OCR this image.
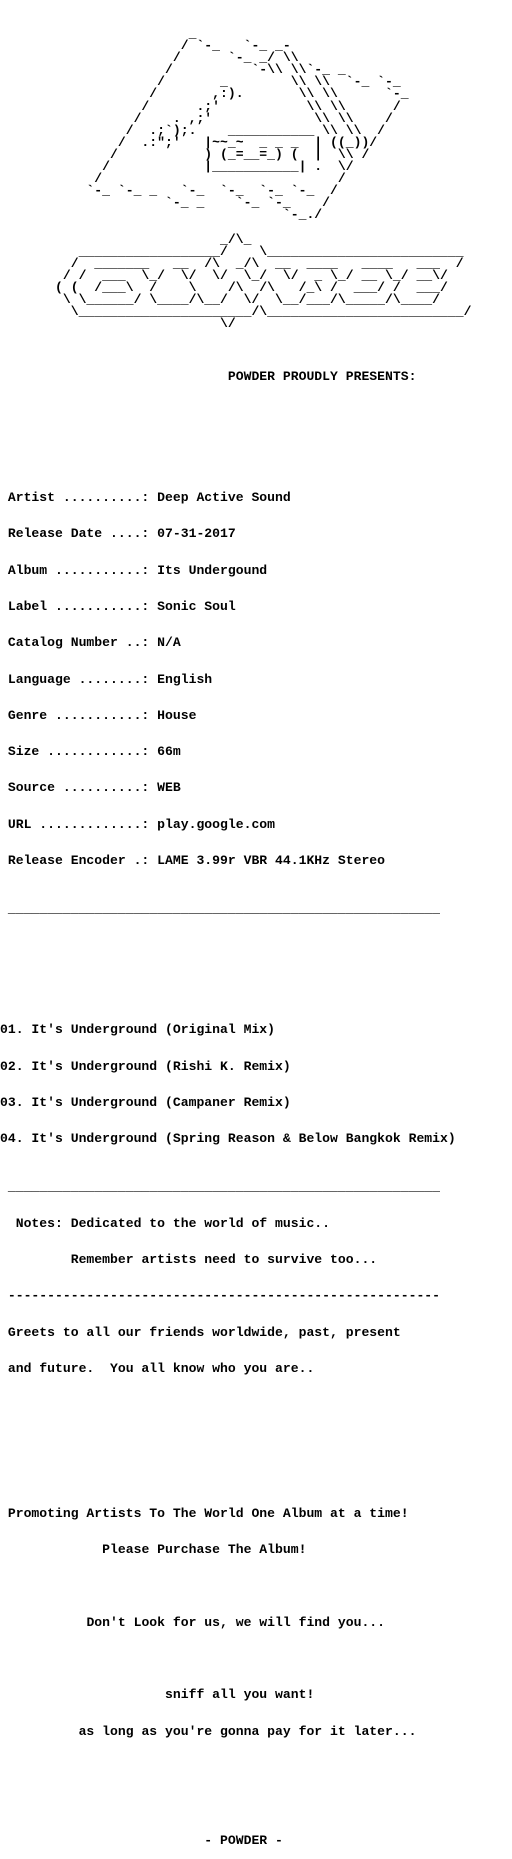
_
/ `-_   `-_ _-
/      `-_ _/ \\
/          `-\\ \\`-_ _
/       _        \\ \\  `-_ `-_
/       ,:).       \\ \\      `-_
/      .;'           \\ \\      /
/    . ,;'             \\ \\    /
/  .;`);.    ___________ \\ \\  /
/  .:";'   |~~_~  _ _ _  | ((_))/
/           ) (_=__=_) (  |  \\ /
/            |___________| .  \/
/                              /
`-_ `-_ _   `-_  `-_  `-_ `-_  /
`-_ _    `-_ `-_    /
`-_./

_/\_
__________________/    \_________________________
/  _______   __  /\  _/\  __  ____   ____   ___  /
/ /  ___  \_/  \/  \/  \_/  \/  _ \_/ __ \_/ __\/
( (  /___\  /    \    /\  /\   /_\ /  ___/ /  ___/
\ \______/ \____/\__/  \/  \__/___/\_____/\____/
\______________________/\_________________________/
\/

POWDER PROUDLY PRESENTS:

Artist ..........: Deep Active Sound

Release Date ....: 07-31-2017

Album ...........: Its Undergound

Label ...........: Sonic Soul

Catalog Number ..: N/A

Language ........: English

Genre ...........: House

Size ............: 66m

Source ..........: WEB

URL .............: play.google.com

Release Encoder .: LAME 3.99r VBR 44.1KHz Stereo

_______________________________________________________

01. It's Underground (Original Mix)

02. It's Underground (Rishi K. Remix)

03. It's Underground (Campaner Remix)

04. It's Underground (Spring Reason & Below Bangkok Remix)

_______________________________________________________

Notes: Dedicated to the world of music..

Remember artists need to survive too...

-------------------------------------------------------

Greets to all our friends worldwide, past, present

and future.  You all know who you are..

Promoting Artists To The World One Album at a time!

Please Purchase The Album!

Don't Look for us, we will find you...

sniff all you want!

as long as you're gonna pay for it later...

- POWDER -
